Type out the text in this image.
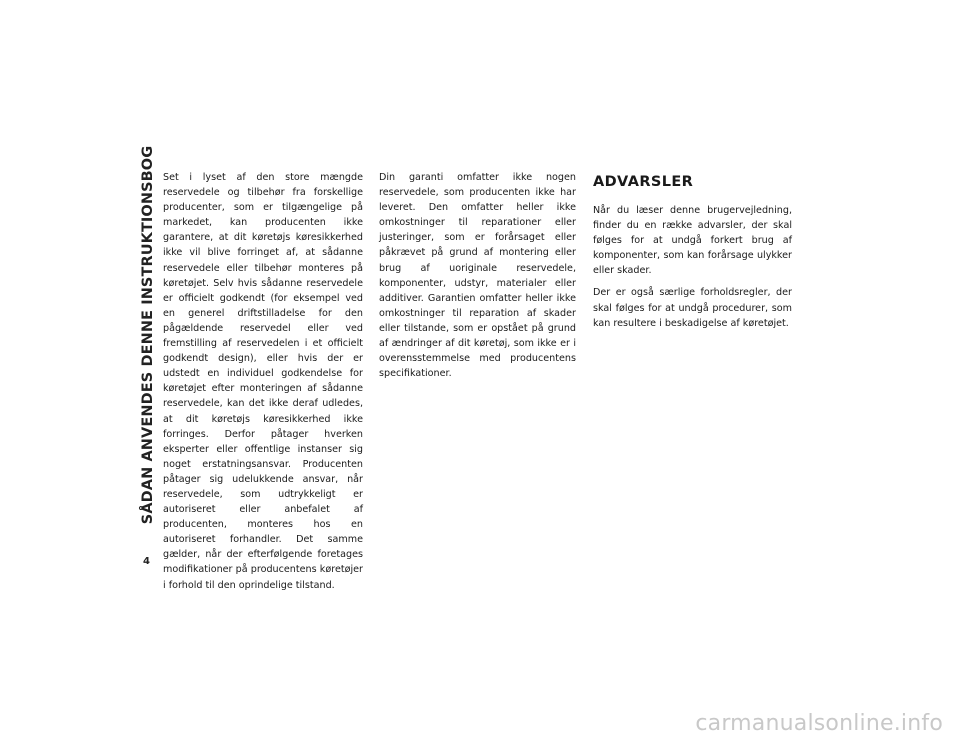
SÅDAN ANVENDES DENNE INSTRUKTIONSBOG
4

Set i lyset af den store mængde reservedele og tilbehør fra forskellige producenter, som er tilgængelige på markedet, kan producenten ikke garantere, at dit køretøjs køresikkerhed ikke vil blive forringet af, at sådanne reservedele eller tilbehør monteres på køretøjet. Selv hvis sådanne reservedele er officielt godkendt (for eksempel ved en generel driftstilladelse for den pågældende reservedel eller ved fremstilling af reservedelen i et officielt godkendt design), eller hvis der er udstedt en individuel godkendelse for køretøjet efter monteringen af sådanne reservedele, kan det ikke deraf udledes, at dit køretøjs køresikkerhed ikke forringes. Derfor påtager hverken eksperter eller offentlige instanser sig noget erstatningsansvar. Producenten påtager sig udelukkende ansvar, når reservedele, som udtrykkeligt er autoriseret eller anbefalet af producenten, monteres hos en autoriseret forhandler. Det samme gælder, når der efterfølgende foretages modifikationer på producentens køretøjer i forhold til den oprindelige tilstand.

Din garanti omfatter ikke nogen reservedele, som producenten ikke har leveret. Den omfatter heller ikke omkostninger til reparationer eller justeringer, som er forårsaget eller påkrævet på grund af montering eller brug af uoriginale reservedele, komponenter, udstyr, materialer eller additiver. Garantien omfatter heller ikke omkostninger til reparation af skader eller tilstande, som er opstået på grund af ændringer af dit køretøj, som ikke er i overensstemmelse med producentens specifikationer.

ADVARSLER

Når du læser denne brugervejledning, finder du en række advarsler, der skal følges for at undgå forkert brug af komponenter, som kan forårsage ulykker eller skader.

Der er også særlige forholdsregler, der skal følges for at undgå procedurer, som kan resultere i beskadigelse af køretøjet.

carmanualsonline.info
